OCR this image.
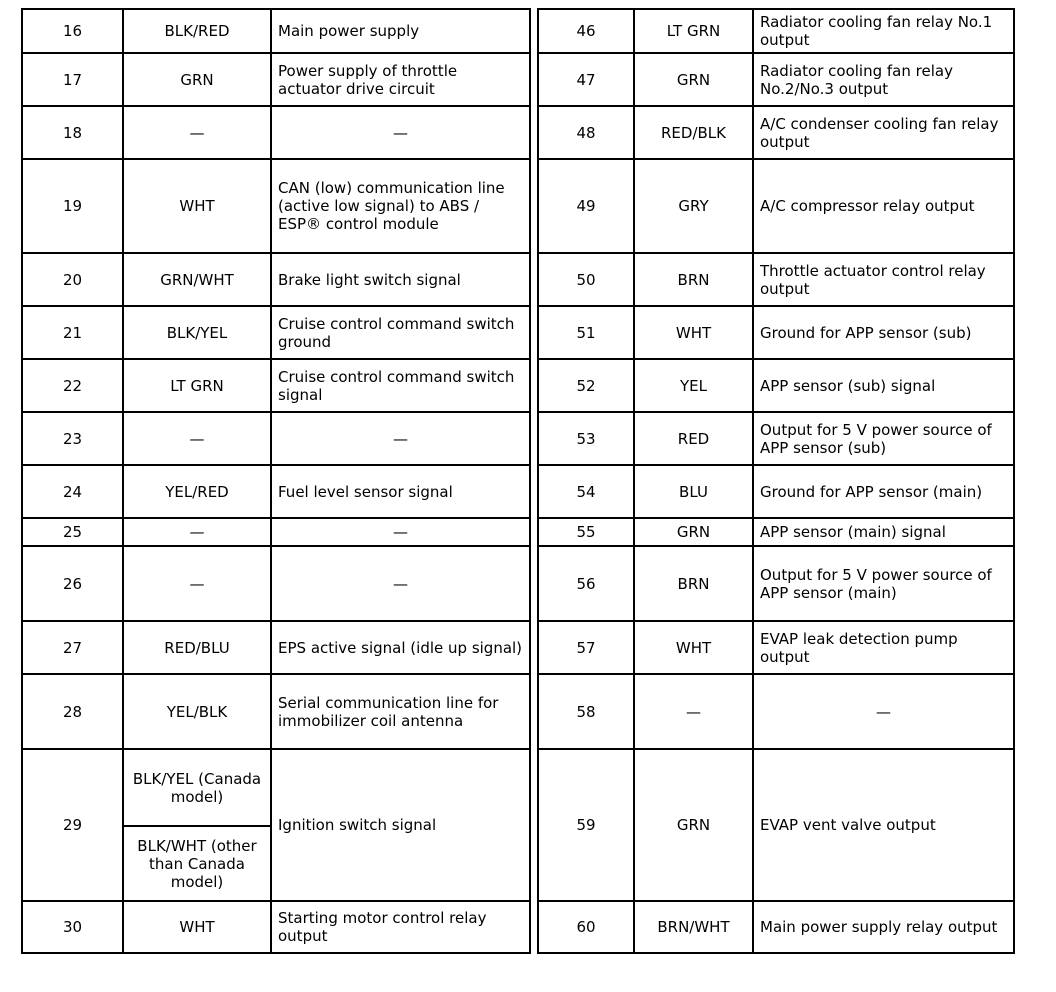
16	BLK/RED	Main power supply		46	LT GRN	Radiator cooling fan relay No.1 output
17	GRN	Power supply of throttle actuator drive circuit		47	GRN	Radiator cooling fan relay No.2/No.3 output
18	—	—		48	RED/BLK	A/C condenser cooling fan relay output
19	WHT	CAN (low) communication line (active low signal) to ABS / ESP® control module		49	GRY	A/C compressor relay output
20	GRN/WHT	Brake light switch signal		50	BRN	Throttle actuator control relay output
21	BLK/YEL	Cruise control command switch ground		51	WHT	Ground for APP sensor (sub)
22	LT GRN	Cruise control command switch signal		52	YEL	APP sensor (sub) signal
23	—	—		53	RED	Output for 5 V power source of APP sensor (sub)
24	YEL/RED	Fuel level sensor signal		54	BLU	Ground for APP sensor (main)
25	—	—		55	GRN	APP sensor (main) signal
26	—	—		56	BRN	Output for 5 V power source of APP sensor (main)
27	RED/BLU	EPS active signal (idle up signal)		57	WHT	EVAP leak detection pump output
28	YEL/BLK	Serial communication line for immobilizer coil antenna		58	—	—
29	BLK/YEL (Canada model)	Ignition switch signal		59	GRN	EVAP vent valve output
	BLK/WHT (other than Canada model)					
30	WHT	Starting motor control relay output		60	BRN/WHT	Main power supply relay output
